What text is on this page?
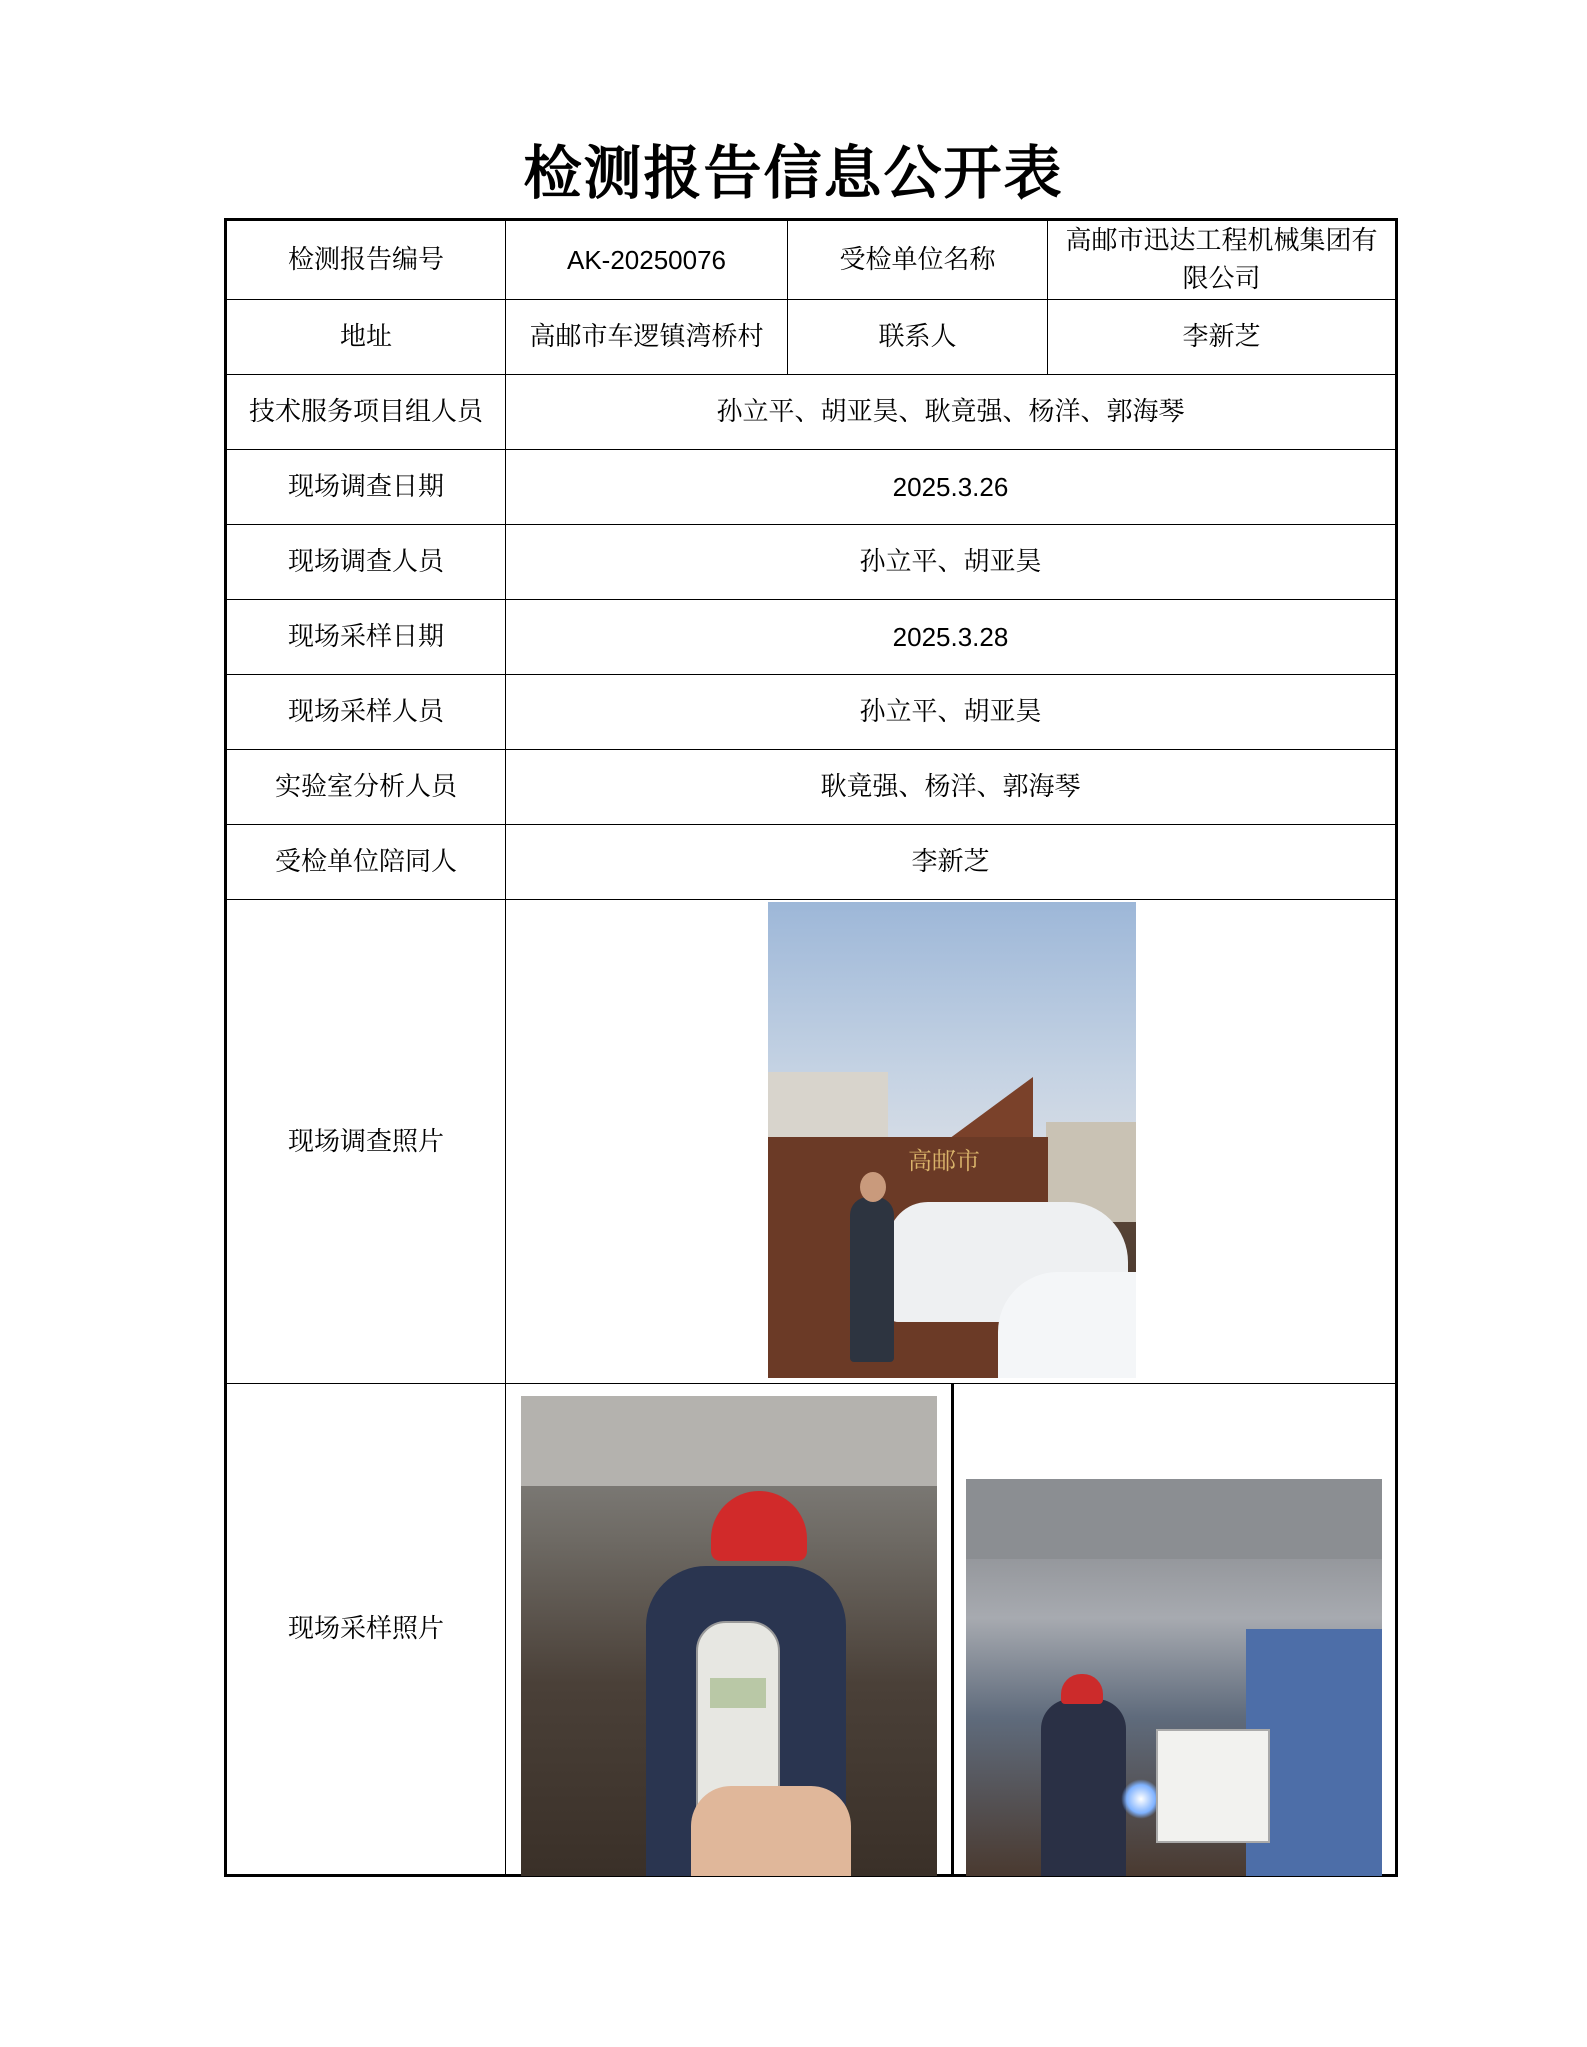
检测报告信息公开表
检测报告编号	AK-20250076	受检单位名称	高邮市迅达工程机械集团有限公司
地址	高邮市车逻镇湾桥村	联系人	李新芝
技术服务项目组人员	孙立平、胡亚昊、耿竟强、杨洋、郭海琴		
现场调查日期	2025.3.26		
现场调查人员	孙立平、胡亚昊		
现场采样日期	2025.3.28		
现场采样人员	孙立平、胡亚昊		
实验室分析人员	耿竟强、杨洋、郭海琴		
受检单位陪同人	李新芝		
现场调查照片	高邮市		

现场采样照片			
